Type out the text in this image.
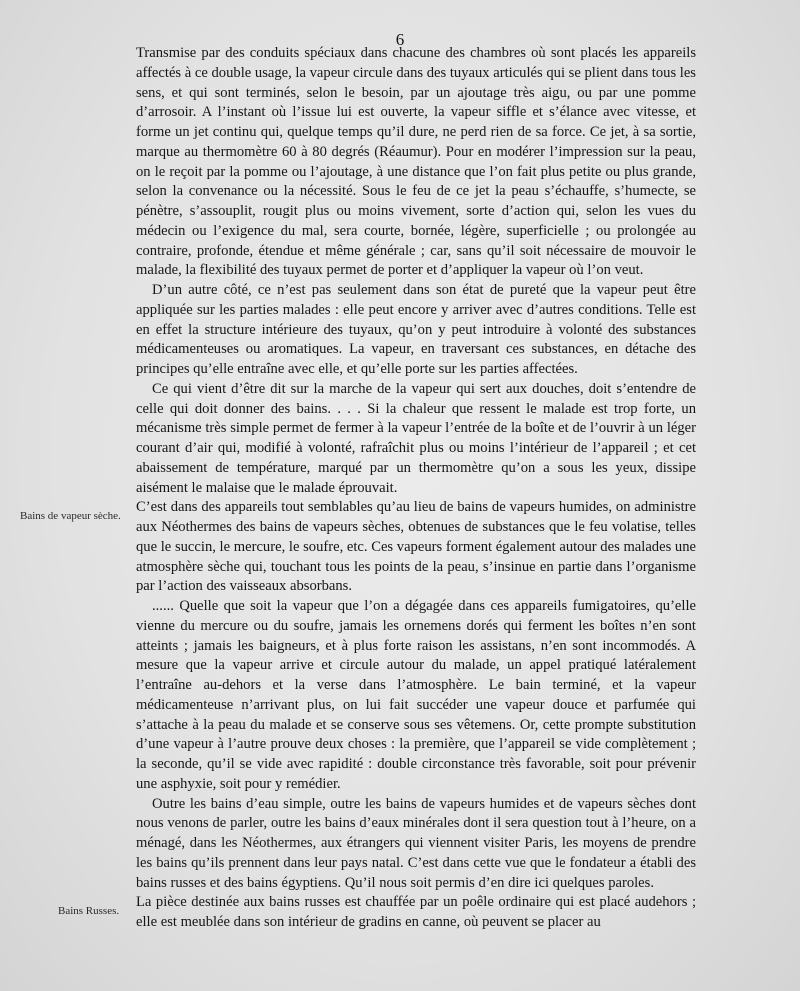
6

Transmise par des conduits spéciaux dans chacune des chambres où sont placés les appareils affectés à ce double usage, la vapeur circule dans des tuyaux articulés qui se plient dans tous les sens, et qui sont terminés, selon le besoin, par un ajoutage très aigu, ou par une pomme d’arrosoir. A l’instant où l’issue lui est ouverte, la vapeur siffle et s’élance avec vitesse, et forme un jet continu qui, quelque temps qu’il dure, ne perd rien de sa force. Ce jet, à sa sortie, marque au thermomètre 60 à 80 degrés (Réaumur). Pour en modérer l’impression sur la peau, on le reçoit par la pomme ou l’ajoutage, à une distance que l’on fait plus petite ou plus grande, selon la convenance ou la nécessité. Sous le feu de ce jet la peau s’échauffe, s’humecte, se pénètre, s’assouplit, rougit plus ou moins vivement, sorte d’action qui, selon les vues du médecin ou l’exigence du mal, sera courte, bornée, légère, superficielle ; ou prolongée au contraire, profonde, étendue et même générale ; car, sans qu’il soit nécessaire de mouvoir le malade, la flexibilité des tuyaux permet de porter et d’appliquer la vapeur où l’on veut.

D’un autre côté, ce n’est pas seulement dans son état de pureté que la vapeur peut être appliquée sur les parties malades : elle peut encore y arriver avec d’autres conditions. Telle est en effet la structure intérieure des tuyaux, qu’on y peut introduire à volonté des substances médicamenteuses ou aromatiques. La vapeur, en traversant ces substances, en détache des principes qu’elle entraîne avec elle, et qu’elle porte sur les parties affectées.

Ce qui vient d’être dit sur la marche de la vapeur qui sert aux douches, doit s’entendre de celle qui doit donner des bains. . . . Si la chaleur que ressent le malade est trop forte, un mécanisme très simple permet de fermer à la vapeur l’entrée de la boîte et de l’ouvrir à un léger courant d’air qui, modifié à volonté, rafraîchit plus ou moins l’intérieur de l’appareil ; et cet abaissement de température, marqué par un thermomètre qu’on a sous les yeux, dissipe aisément le malaise que le malade éprouvait.

C’est dans des appareils tout semblables qu’au lieu de bains de vapeurs humides, on administre aux Néothermes des bains de vapeurs sèches, obtenues de substances que le feu volatise, telles que le succin, le mercure, le soufre, etc. Ces vapeurs forment également autour des malades une atmosphère sèche qui, touchant tous les points de la peau, s’insinue en partie dans l’organisme par l’action des vaisseaux absorbans.

...... Quelle que soit la vapeur que l’on a dégagée dans ces appareils fumigatoires, qu’elle vienne du mercure ou du soufre, jamais les ornemens dorés qui ferment les boîtes n’en sont atteints ; jamais les baigneurs, et à plus forte raison les assistans, n’en sont incommodés. A mesure que la vapeur arrive et circule autour du malade, un appel pratiqué latéralement l’entraîne au-dehors et la verse dans l’atmosphère. Le bain terminé, et la vapeur médicamenteuse n’arrivant plus, on lui fait succéder une vapeur douce et parfumée qui s’attache à la peau du malade et se conserve sous ses vêtemens. Or, cette prompte substitution d’une vapeur à l’autre prouve deux choses : la première, que l’appareil se vide complètement ; la seconde, qu’il se vide avec rapidité : double circonstance très favorable, soit pour prévenir une asphyxie, soit pour y remédier.

Outre les bains d’eau simple, outre les bains de vapeurs humides et de vapeurs sèches dont nous venons de parler, outre les bains d’eaux minérales dont il sera question tout à l’heure, on a ménagé, dans les Néothermes, aux étrangers qui viennent visiter Paris, les moyens de prendre les bains qu’ils prennent dans leur pays natal. C’est dans cette vue que le fondateur a établi des bains russes et des bains égyptiens. Qu’il nous soit permis d’en dire ici quelques paroles.

La pièce destinée aux bains russes est chauffée par un poêle ordinaire qui est placé audehors ; elle est meublée dans son intérieur de gradins en canne, où peuvent se placer au

Bains de vapeur sèche.
Bains Russes.
